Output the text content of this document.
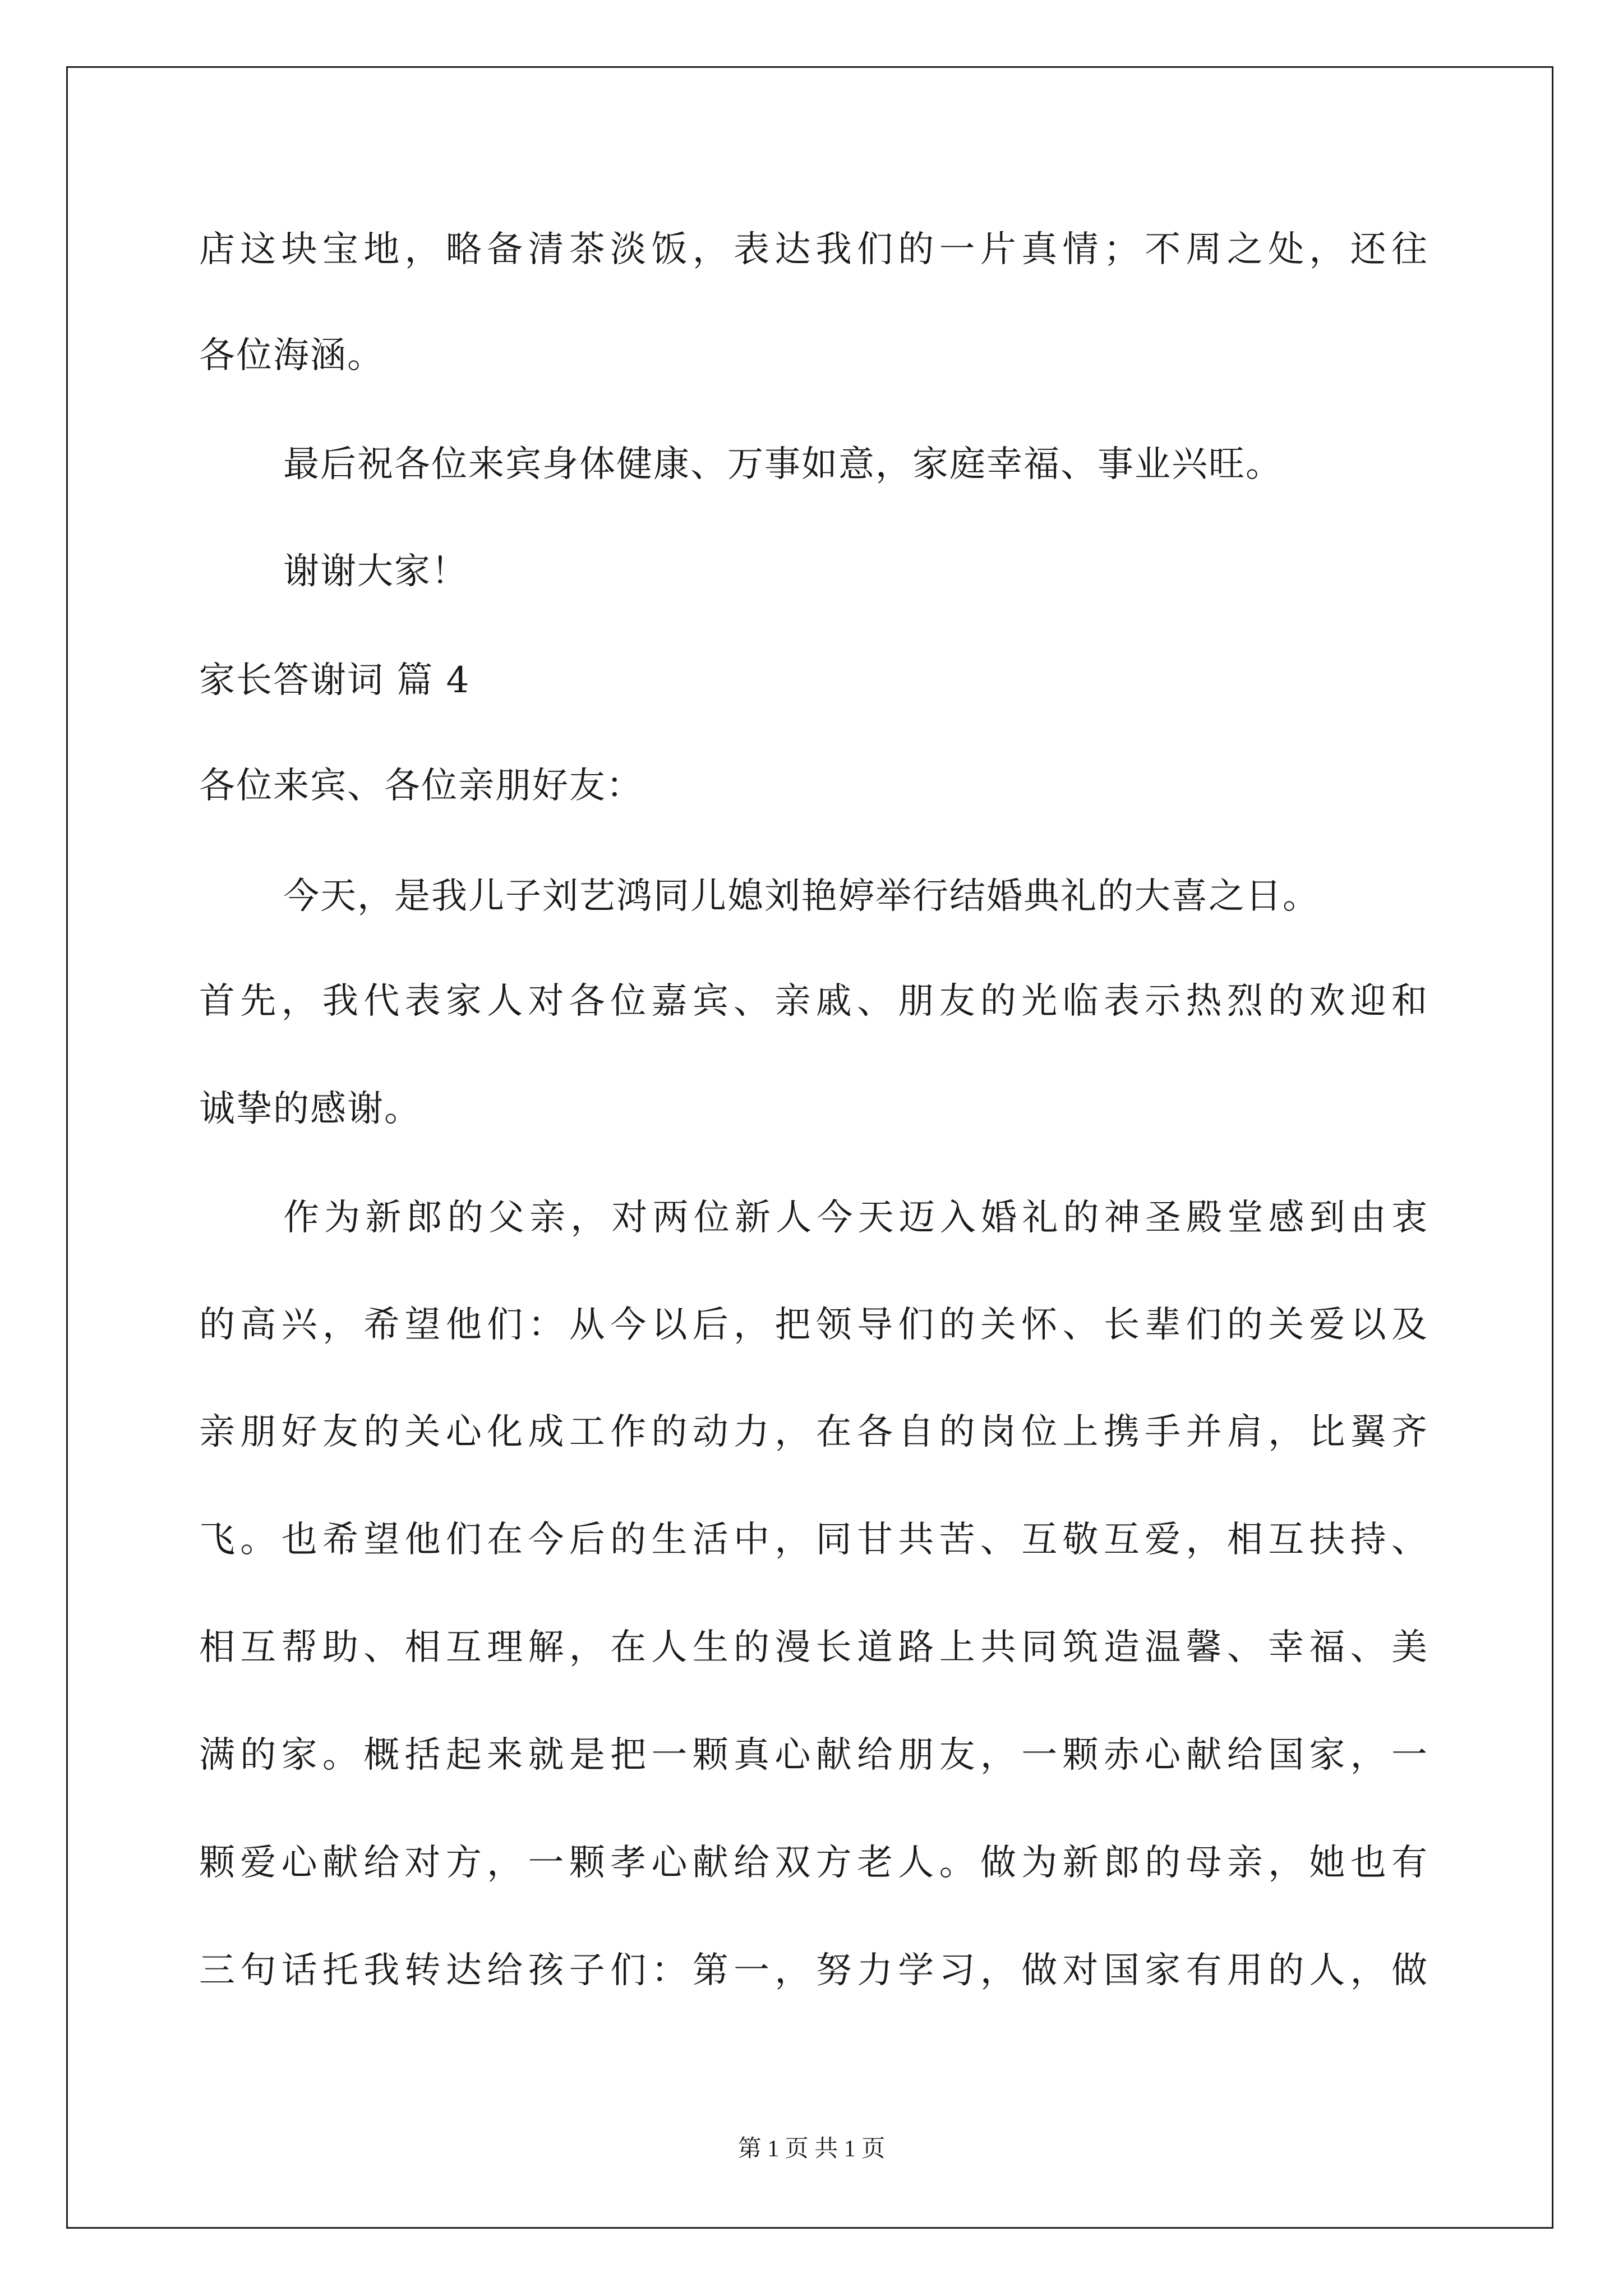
店这块宝地，略备清茶淡饭，表达我们的一片真情；不周之处，还往
各位海涵。
最后祝各位来宾身体健康、万事如意，家庭幸福、事业兴旺。
谢谢大家！
家长答谢词 篇 4
各位来宾、各位亲朋好友：
今天，是我儿子刘艺鸿同儿媳刘艳婷举行结婚典礼的大喜之日。
首先，我代表家人对各位嘉宾、亲戚、朋友的光临表示热烈的欢迎和
诚挚的感谢。
作为新郎的父亲，对两位新人今天迈入婚礼的神圣殿堂感到由衷
的高兴，希望他们：从今以后，把领导们的关怀、长辈们的关爱以及
亲朋好友的关心化成工作的动力，在各自的岗位上携手并肩，比翼齐
飞。也希望他们在今后的生活中，同甘共苦、互敬互爱，相互扶持、
相互帮助、相互理解，在人生的漫长道路上共同筑造温馨、幸福、美
满的家。概括起来就是把一颗真心献给朋友，一颗赤心献给国家，一
颗爱心献给对方，一颗孝心献给双方老人。做为新郎的母亲，她也有
三句话托我转达给孩子们：第一，努力学习，做对国家有用的人，做
第 1 页 共 1 页
